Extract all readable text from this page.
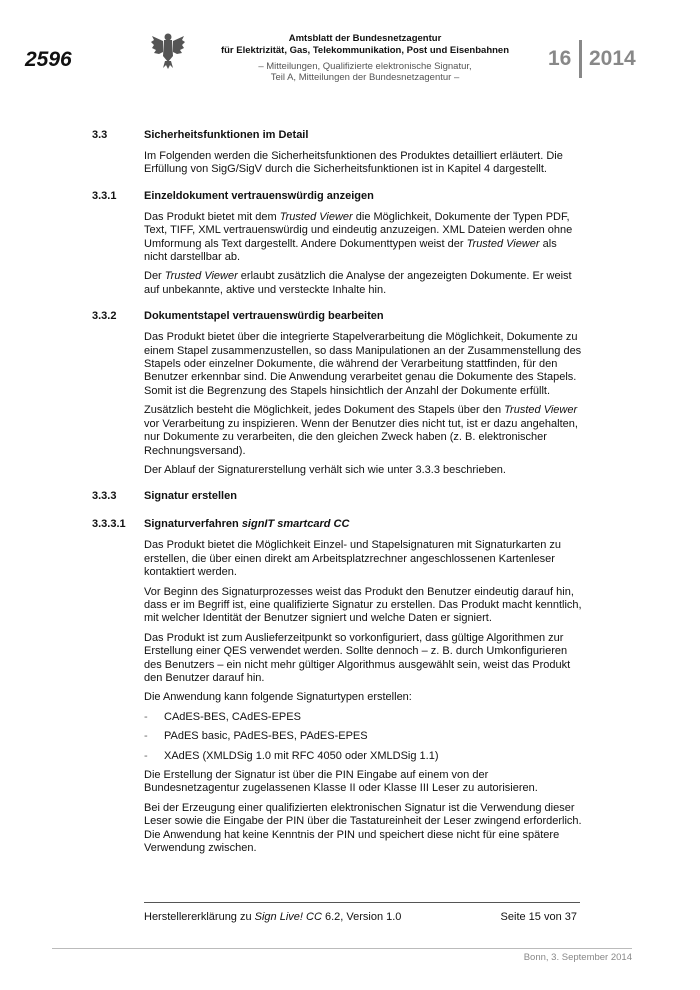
2596
Amtsblatt der Bundesnetzagentur
für Elektrizität, Gas, Telekommunikation, Post und Eisenbahnen
– Mitteilungen, Qualifizierte elektronische Signatur,
Teil A, Mitteilungen der Bundesnetzagentur –
16 2014
3.3	Sicherheitsfunktionen im Detail
Im Folgenden werden die Sicherheitsfunktionen des Produktes detailliert erläutert. Die Erfüllung von SigG/SigV durch die Sicherheitsfunktionen ist in Kapitel 4 dargestellt.
3.3.1	Einzeldokument vertrauenswürdig anzeigen
Das Produkt bietet mit dem Trusted Viewer die Möglichkeit, Dokumente der Typen PDF, Text, TIFF, XML vertrauenswürdig und eindeutig anzuzeigen. XML Dateien werden ohne Umformung als Text dargestellt. Andere Dokumenttypen weist der Trusted Viewer als nicht darstellbar ab.
Der Trusted Viewer erlaubt zusätzlich die Analyse der angezeigten Dokumente. Er weist auf unbekannte, aktive und versteckte Inhalte hin.
3.3.2	Dokumentstapel vertrauenswürdig bearbeiten
Das Produkt bietet über die integrierte Stapelverarbeitung die Möglichkeit, Dokumente zu einem Stapel zusammenzustellen, so dass Manipulationen an der Zusammenstellung des Stapels oder einzelner Dokumente, die während der Verarbeitung stattfinden, für den Benutzer erkennbar sind. Die Anwendung verarbeitet genau die Dokumente des Stapels. Somit ist die Begrenzung des Stapels hinsichtlich der Anzahl der Dokumente erfüllt.
Zusätzlich besteht die Möglichkeit, jedes Dokument des Stapels über den Trusted Viewer vor Verarbeitung zu inspizieren. Wenn der Benutzer dies nicht tut, ist er dazu angehalten, nur Dokumente zu verarbeiten, die den gleichen Zweck haben (z. B. elektronischer Rechnungsversand).
Der Ablauf der Signaturerstellung verhält sich wie unter 3.3.3 beschrieben.
3.3.3	Signatur erstellen
3.3.3.1 Signaturverfahren signIT smartcard CC
Das Produkt bietet die Möglichkeit Einzel- und Stapelsignaturen mit Signaturkarten zu erstellen, die über einen direkt am Arbeitsplatzrechner angeschlossenen Kartenleser kontaktiert werden.
Vor Beginn des Signaturprozesses weist das Produkt den Benutzer eindeutig darauf hin, dass er im Begriff ist, eine qualifizierte Signatur zu erstellen. Das Produkt macht kenntlich, mit welcher Identität der Benutzer signiert und welche Daten er signiert.
Das Produkt ist zum Auslieferzeitpunkt so vorkonfiguriert, dass gültige Algorithmen zur Erstellung einer QES verwendet werden. Sollte dennoch – z. B. durch Umkonfigurieren des Benutzers – ein nicht mehr gültiger Algorithmus ausgewählt sein, weist das Produkt den Benutzer darauf hin.
Die Anwendung kann folgende Signaturtypen erstellen:
- CAdES-BES, CAdES-EPES
- PAdES basic, PAdES-BES, PAdES-EPES
- XAdES (XMLDSig 1.0 mit RFC 4050 oder XMLDSig 1.1)
Die Erstellung der Signatur ist über die PIN Eingabe auf einem von der Bundesnetzagentur zugelassenen Klasse II oder Klasse III Leser zu autorisieren.
Bei der Erzeugung einer qualifizierten elektronischen Signatur ist die Verwendung dieser Leser sowie die Eingabe der PIN über die Tastatureinheit der Leser zwingend erforderlich. Die Anwendung hat keine Kenntnis der PIN und speichert diese nicht für eine spätere Verwendung zwischen.
Herstellererklärung zu Sign Live! CC 6.2, Version 1.0	Seite 15 von 37
Bonn, 3. September 2014
